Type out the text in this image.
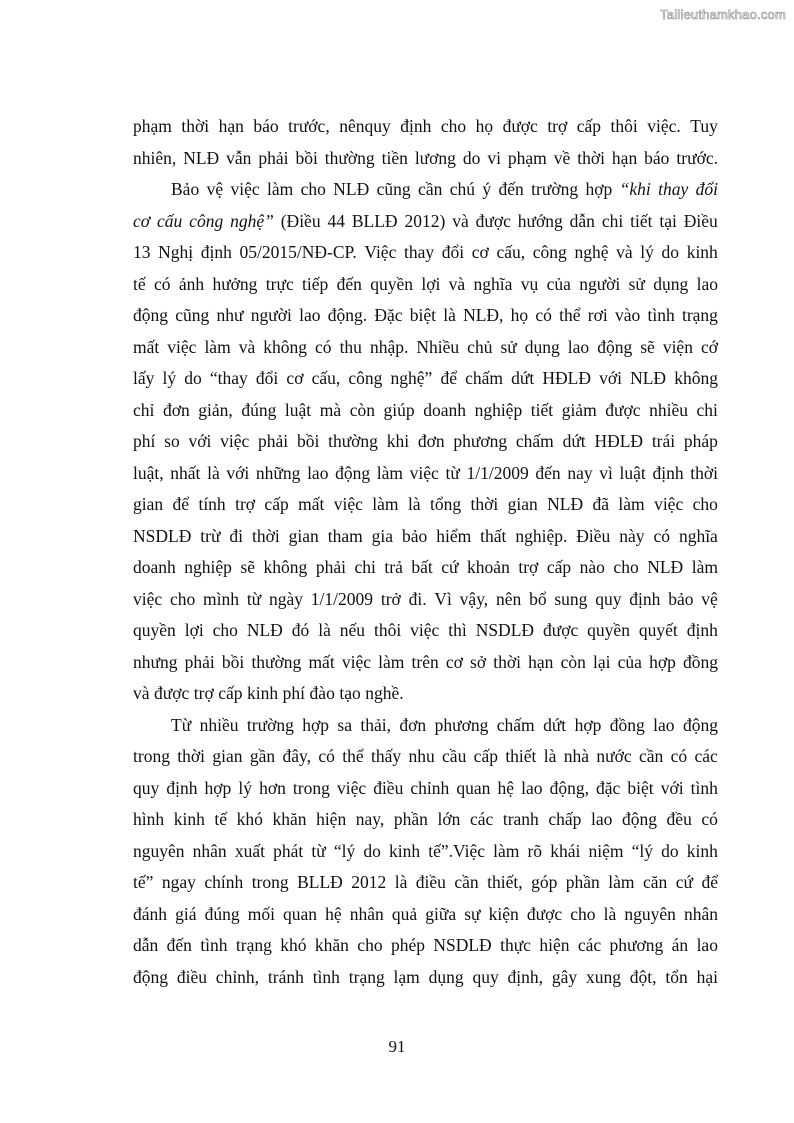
Tailieuthamkhao.com
phạm thời hạn báo trước, nênquy định cho họ được trợ cấp thôi việc. Tuy
nhiên, NLĐ vẫn phải bồi thường tiền lương do vi phạm về thời hạn báo trước.
Bảo vệ việc làm cho NLĐ cũng cần chú ý đến trường hợp “khi thay đổi
cơ cấu công nghệ” (Điều 44 BLLĐ 2012) và được hướng dẫn chi tiết tại Điều
13 Nghị định 05/2015/NĐ-CP. Việc thay đổi cơ cấu, công nghệ và lý do kinh
tế có ảnh hưởng trực tiếp đến quyền lợi và nghĩa vụ của người sử dụng lao
động cũng như người lao động. Đặc biệt là NLĐ, họ có thể rơi vào tình trạng
mất việc làm và không có thu nhập. Nhiều chủ sử dụng lao động sẽ viện cớ
lấy lý do “thay đổi cơ cấu, công nghệ” để chấm dứt HĐLĐ với NLĐ không
chỉ đơn giản, đúng luật mà còn giúp doanh nghiệp tiết giảm được nhiều chi
phí so với việc phải bồi thường khi đơn phương chấm dứt HĐLĐ trái pháp
luật, nhất là với những lao động làm việc từ 1/1/2009 đến nay vì luật định thời
gian để tính trợ cấp mất việc làm là tổng thời gian NLĐ đã làm việc cho
NSDLĐ trừ đi thời gian tham gia bảo hiểm thất nghiệp. Điều này có nghĩa
doanh nghiệp sẽ không phải chi trả bất cứ khoản trợ cấp nào cho NLĐ làm
việc cho mình từ ngày 1/1/2009 trở đi. Vì vậy, nên bổ sung quy định bảo vệ
quyền lợi cho NLĐ đó là nếu thôi việc thì NSDLĐ được quyền quyết định
nhưng phải bồi thường mất việc làm trên cơ sở thời hạn còn lại của hợp đồng
và được trợ cấp kinh phí đào tạo nghề.
Từ nhiều trường hợp sa thải, đơn phương chấm dứt hợp đồng lao động
trong thời gian gần đây, có thể thấy nhu cầu cấp thiết là nhà nước cần có các
quy định hợp lý hơn trong việc điều chỉnh quan hệ lao động, đặc biệt với tình
hình kinh tế khó khăn hiện nay, phần lớn các tranh chấp lao động đều có
nguyên nhân xuất phát từ “lý do kinh tế”.Việc làm rõ khái niệm “lý do kinh
tế” ngay chính trong BLLĐ 2012 là điều cần thiết, góp phần làm căn cứ để
đánh giá đúng mối quan hệ nhân quả giữa sự kiện được cho là nguyên nhân
dẫn đến tình trạng khó khăn cho phép NSDLĐ thực hiện các phương án lao
động điều chỉnh, tránh tình trạng lạm dụng quy định, gây xung đột, tổn hại
91
